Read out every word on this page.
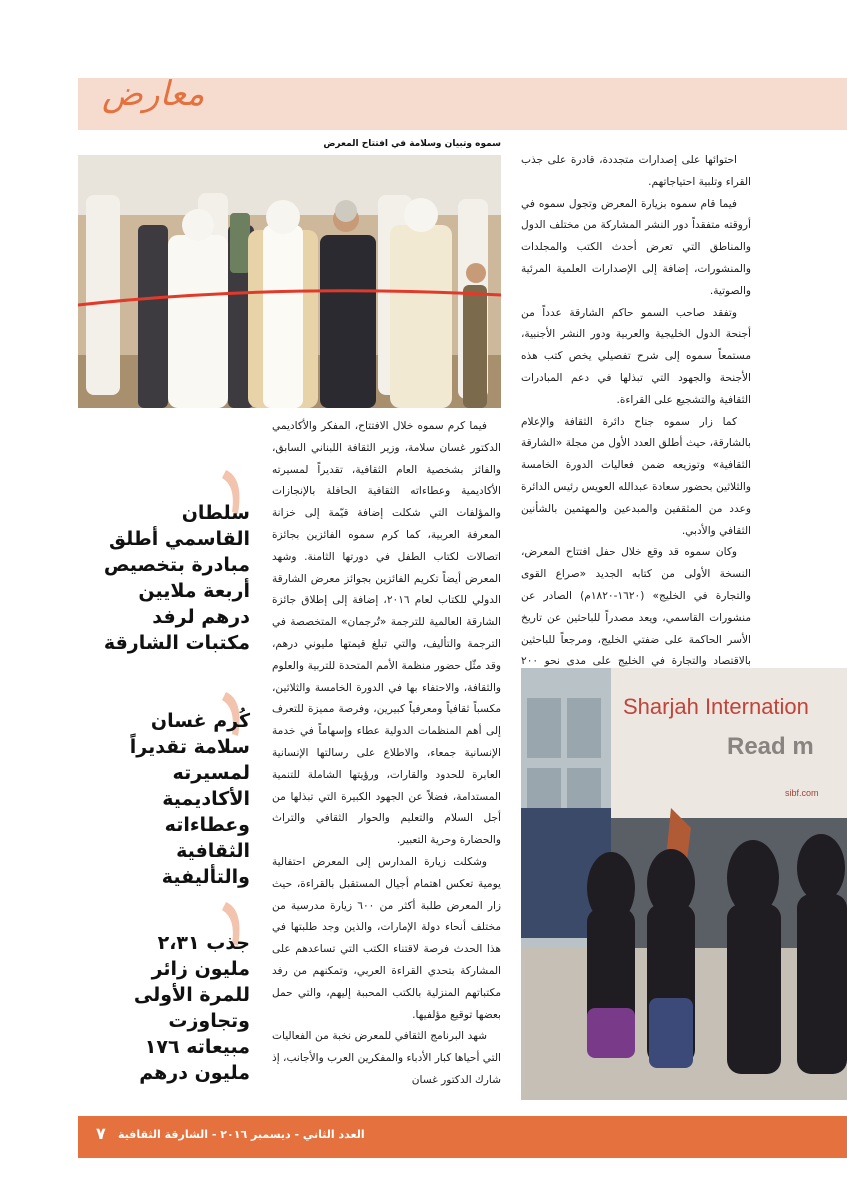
معارض
سموه وتبيان وسلامة في افتتاح المعرض

احتوائها على إصدارات متجددة، قادرة على جذب القراء وتلبية احتياجاتهم.

فيما قام سموه بزيارة المعرض وتجول سموه في أروقته متفقداً دور النشر المشاركة من مختلف الدول والمناطق التي تعرض أحدث الكتب والمجلدات والمنشورات، إضافة إلى الإصدارات العلمية المرئية والصوتية.

وتفقد صاحب السمو حاكم الشارقة عدداً من أجنحة الدول الخليجية والعربية ودور النشر الأجنبية، مستمعاً سموه إلى شرح تفصيلي يخص كتب هذه الأجنحة والجهود التي تبذلها في دعم المبادرات الثقافية والتشجيع على القراءة.

كما زار سموه جناح دائرة الثقافة والإعلام بالشارقة، حيث أطلق العدد الأول من مجلة «الشارقة الثقافية» وتوزيعه ضمن فعاليات الدورة الخامسة والثلاثين بحضور سعادة عبدالله العويس رئيس الدائرة وعدد من المثقفين والمبدعين والمهتمين بالشأنين الثقافي والأدبي.

وكان سموه قد وقع خلال حفل افتتاح المعرض، النسخة الأولى من كتابه الجديد «صراع القوى والتجارة في الخليج» (١٦٢٠-١٨٢٠م) الصادر عن منشورات القاسمي، ويعد مصدراً للباحثين عن تاريخ الأسر الحاكمة على ضفتي الخليج، ومرجعاً للباحثين بالاقتصاد والتجارة في الخليج على مدى نحو ٢٠٠

فيما كرم سموه خلال الافتتاح، المفكر والأكاديمي الدكتور غسان سلامة، وزير الثقافة اللبناني السابق، والفائز بشخصية العام الثقافية، تقديراً لمسيرته الأكاديمية وعطاءاته الثقافية الحافلة بالإنجازات والمؤلفات التي شكلت إضافة قيّمة إلى خزانة المعرفة العربية، كما كرم سموه الفائزين بجائزة اتصالات لكتاب الطفل في دورتها الثامنة. وشهد المعرض أيضاً تكريم الفائزين بجوائز معرض الشارقة الدولي للكتاب لعام ٢٠١٦، إضافة إلى إطلاق جائزة الشارقة العالمية للترجمة «تُرجمان» المتخصصة في الترجمة والتأليف، والتي تبلغ قيمتها مليوني درهم، وقد مثّل حضور منظمة الأمم المتحدة للتربية والعلوم والثقافة، والاحتفاء بها في الدورة الخامسة والثلاثين، مكسباً ثقافياً ومعرفياً كبيرين، وفرصة مميزة للتعرف إلى أهم المنظمات الدولية عطاء وإسهاماً في خدمة الإنسانية جمعاء، والاطلاع على رسالتها الإنسانية العابرة للحدود والقارات، ورؤيتها الشاملة للتنمية المستدامة، فضلاً عن الجهود الكبيرة التي تبذلها من أجل السلام والتعليم والحوار الثقافي والتراث والحضارة وحرية التعبير.

وشكلت زيارة المدارس إلى المعرض احتفالية يومية تعكس اهتمام أجيال المستقبل بالقراءة، حيث زار المعرض طلبة أكثر من ٦٠٠ زيارة مدرسية من مختلف أنحاء دولة الإمارات، والذين وجد طلبتها في هذا الحدث فرصة لاقتناء الكتب التي تساعدهم على المشاركة بتحدي القراءة العربي، وتمكنهم من رفد مكتباتهم المنزلية بالكتب المحببة إليهم، والتي حمل بعضها توقيع مؤلفيها.

شهد البرنامج الثقافي للمعرض نخبة من الفعاليات التي أحياها كبار الأدباء والمفكرين العرب والأجانب، إذ شارك الدكتور غسان

سلطان القاسمي أطلق مبادرة بتخصيص أربعة ملايين درهم لرفد مكتبات الشارقة
كُرم غسان سلامة تقديراً لمسيرته الأكاديمية وعطاءاته الثقافية والتأليفية
جذب ٢،٣١ مليون زائر للمرة الأولى وتجاوزت مبيعاته ١٧٦ مليون درهم
Sharjah Internation
Read m
sibf.com
٧ العدد الثاني - ديسمبر ٢٠١٦ - الشارقة الثقافية
